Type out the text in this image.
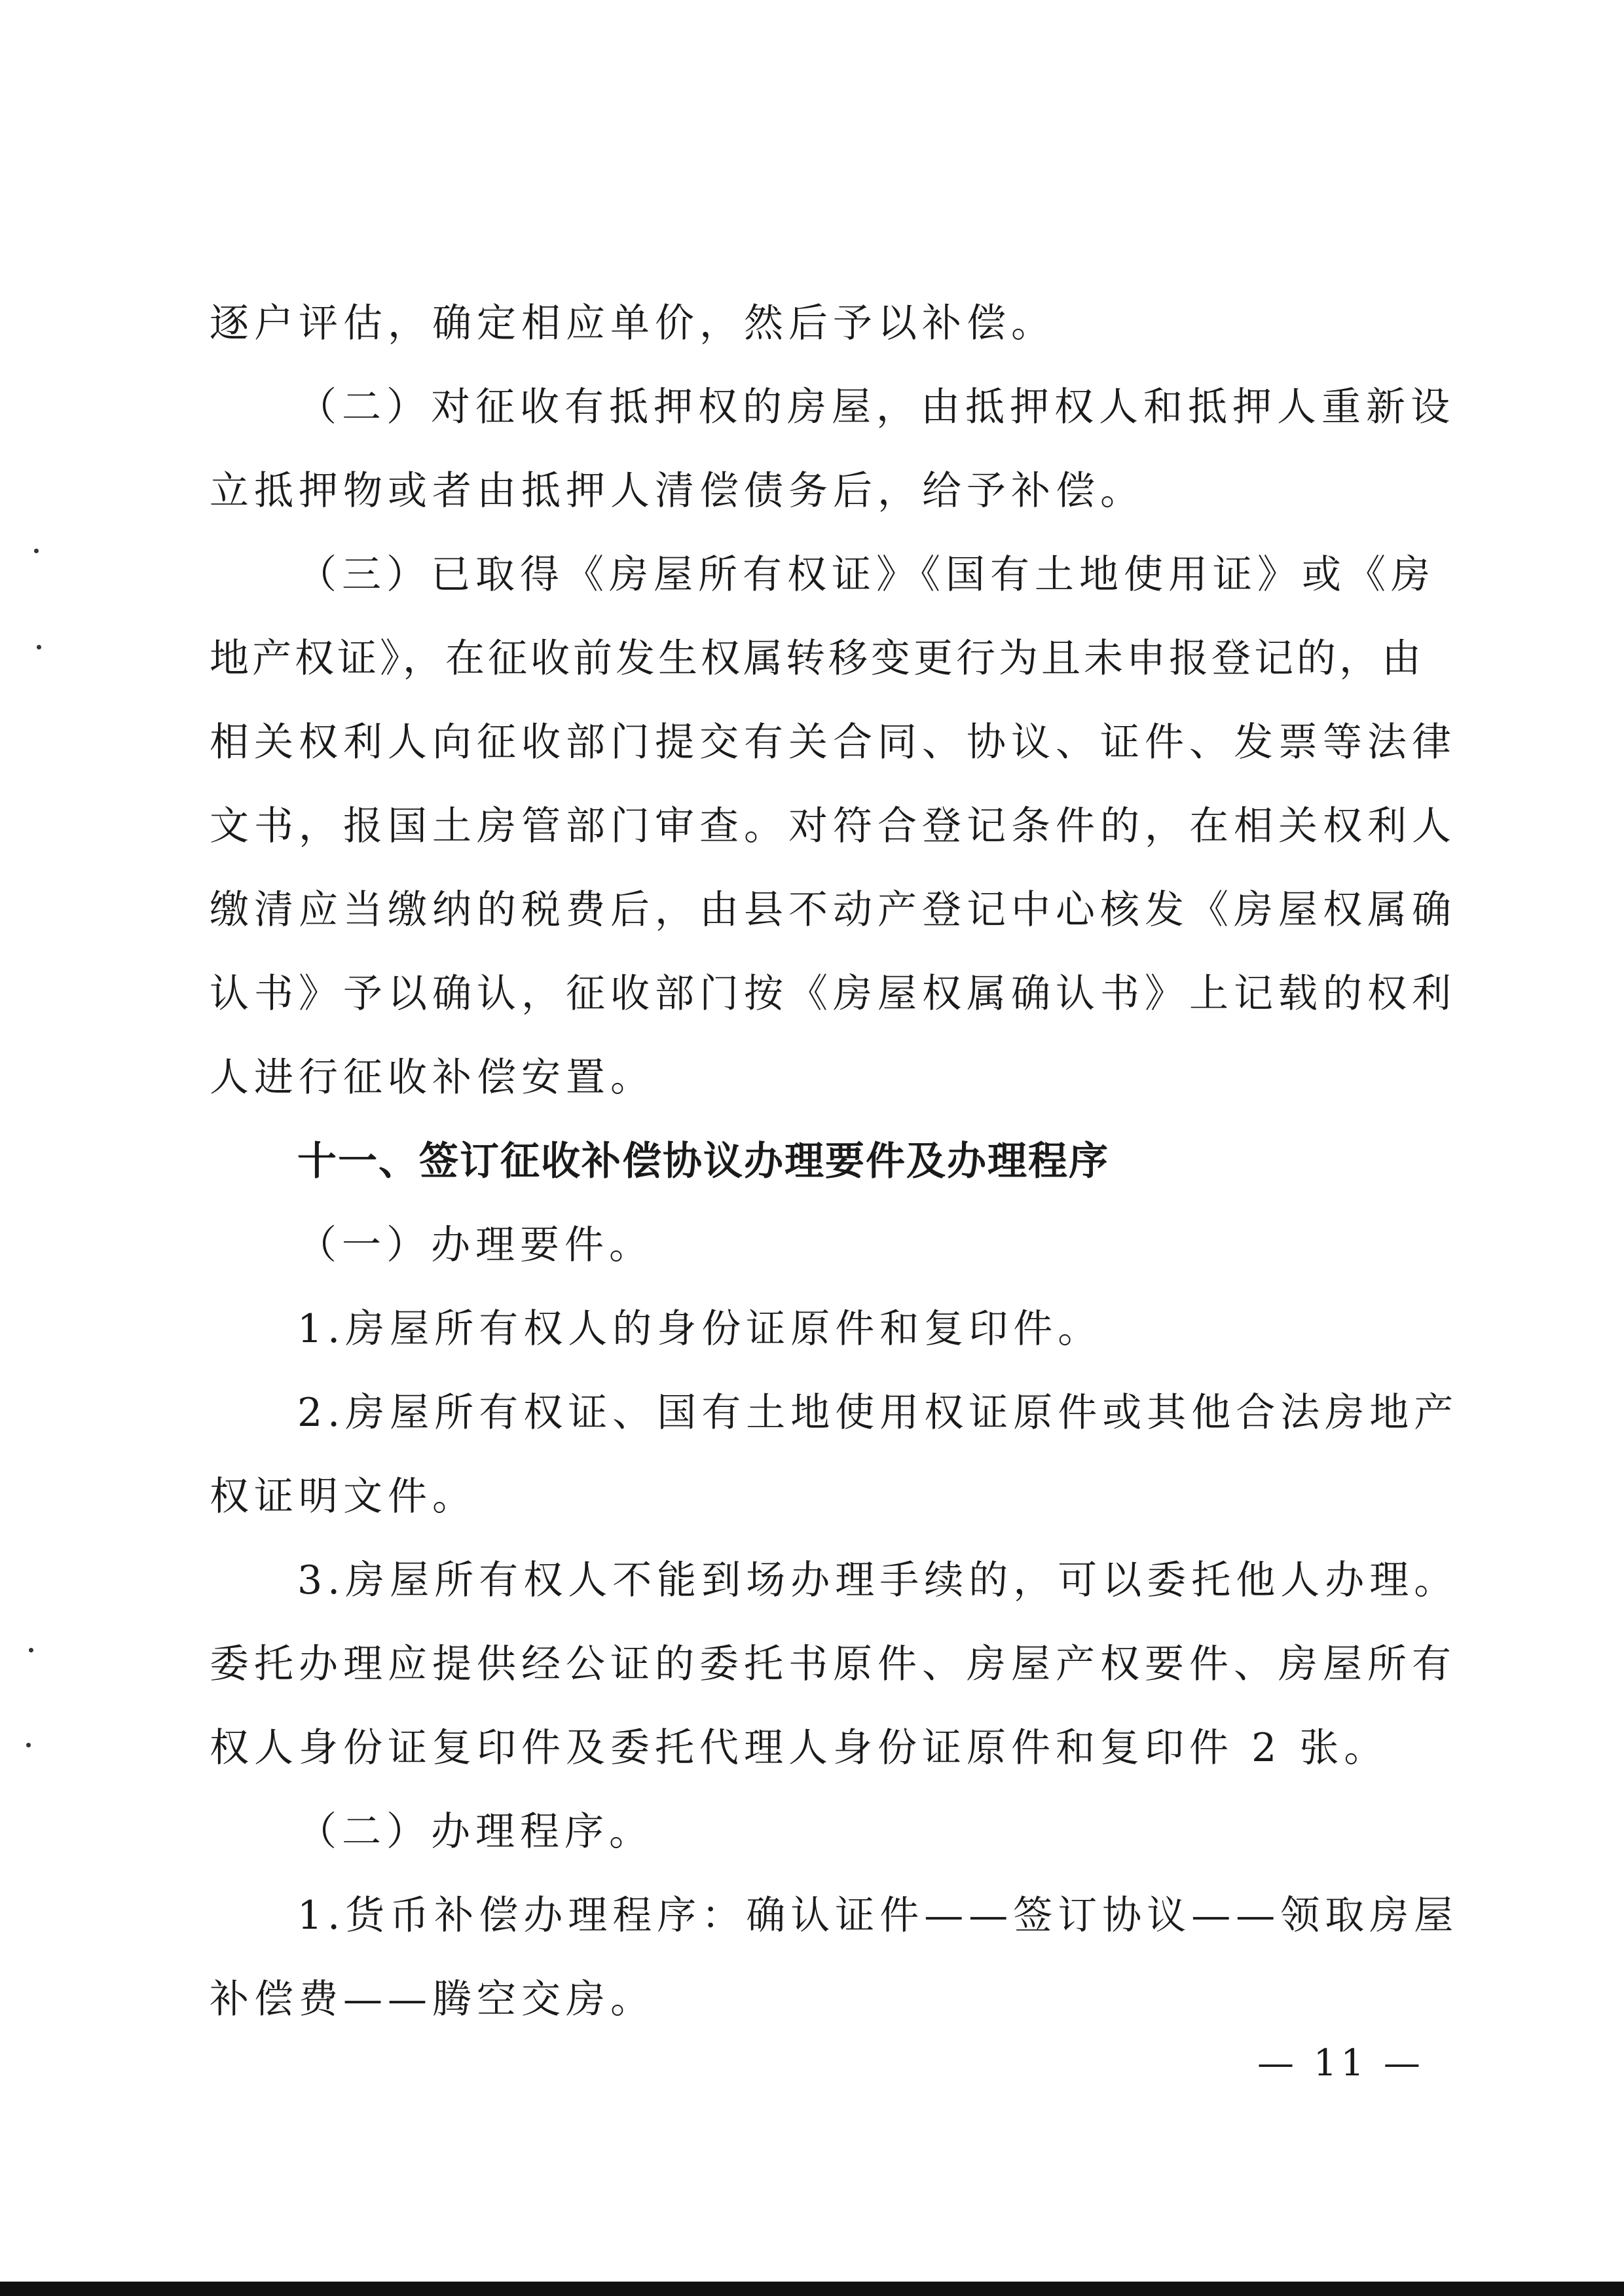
逐户评估，确定相应单价，然后予以补偿。
（二）对征收有抵押权的房屋，由抵押权人和抵押人重新设
立抵押物或者由抵押人清偿债务后，给予补偿。
（三）已取得《房屋所有权证》《国有土地使用证》或《房
地产权证》，在征收前发生权属转移变更行为且未申报登记的，由
相关权利人向征收部门提交有关合同、协议、证件、发票等法律
文书，报国土房管部门审查。对符合登记条件的，在相关权利人
缴清应当缴纳的税费后，由县不动产登记中心核发《房屋权属确
认书》予以确认，征收部门按《房屋权属确认书》上记载的权利
人进行征收补偿安置。
十一、签订征收补偿协议办理要件及办理程序
（一）办理要件。
1.房屋所有权人的身份证原件和复印件。
2.房屋所有权证、国有土地使用权证原件或其他合法房地产
权证明文件。
3.房屋所有权人不能到场办理手续的，可以委托他人办理。
委托办理应提供经公证的委托书原件、房屋产权要件、房屋所有
权人身份证复印件及委托代理人身份证原件和复印件 2 张。
（二）办理程序。
1.货币补偿办理程序：确认证件——签订协议——领取房屋
补偿费——腾空交房。
— 11 —
